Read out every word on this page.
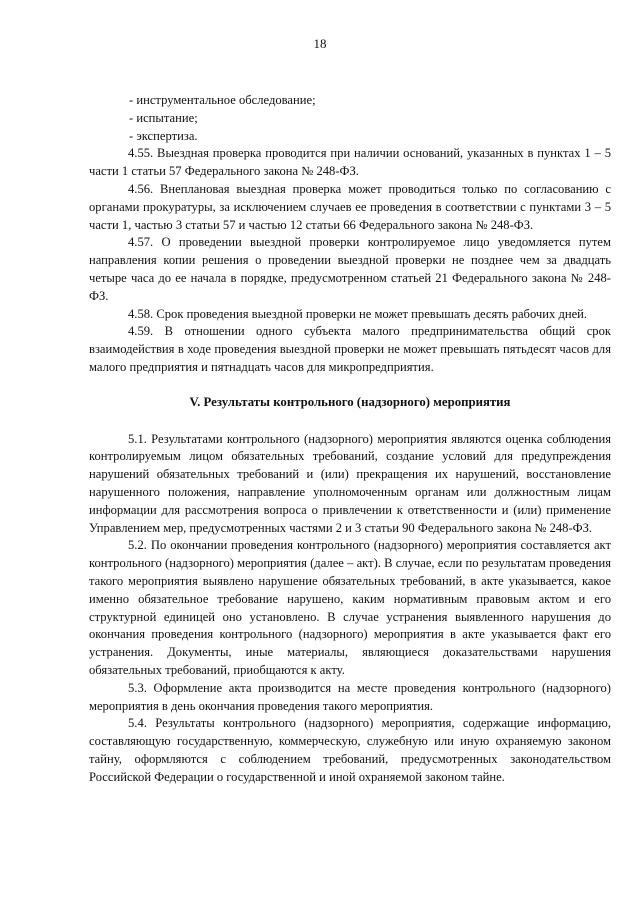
18

- инструментальное обследование;

- испытание;

- экспертиза.

4.55. Выездная проверка проводится при наличии оснований, указанных в пунктах 1 – 5 части 1 статьи 57 Федерального закона № 248-ФЗ.

4.56. Внеплановая выездная проверка может проводиться только по согласованию с органами прокуратуры, за исключением случаев ее проведения в соответствии с пунктами 3 – 5 части 1, частью 3 статьи 57 и частью 12 статьи 66 Федерального закона № 248-ФЗ.

4.57. О проведении выездной проверки контролируемое лицо уведомляется путем направления копии решения о проведении выездной проверки не позднее чем за двадцать четыре часа до ее начала в порядке, предусмотренном статьей 21 Федерального закона № 248-ФЗ.

4.58. Срок проведения выездной проверки не может превышать десять рабочих дней.

4.59. В отношении одного субъекта малого предпринимательства общий срок взаимодействия в ходе проведения выездной проверки не может превышать пятьдесят часов для малого предприятия и пятнадцать часов для микропредприятия.

V. Результаты контрольного (надзорного) мероприятия

5.1. Результатами контрольного (надзорного) мероприятия являются оценка соблюдения контролируемым лицом обязательных требований, создание условий для предупреждения нарушений обязательных требований и (или) прекращения их нарушений, восстановление нарушенного положения, направление уполномоченным органам или должностным лицам информации для рассмотрения вопроса о привлечении к ответственности и (или) применение Управлением мер, предусмотренных частями 2 и 3 статьи 90 Федерального закона № 248-ФЗ.

5.2. По окончании проведения контрольного (надзорного) мероприятия составляется акт контрольного (надзорного) мероприятия (далее – акт). В случае, если по результатам проведения такого мероприятия выявлено нарушение обязательных требований, в акте указывается, какое именно обязательное требование нарушено, каким нормативным правовым актом и его структурной единицей оно установлено. В случае устранения выявленного нарушения до окончания проведения контрольного (надзорного) мероприятия в акте указывается факт его устранения. Документы, иные материалы, являющиеся доказательствами нарушения обязательных требований, приобщаются к акту.

5.3. Оформление акта производится на месте проведения контрольного (надзорного) мероприятия в день окончания проведения такого мероприятия.

5.4. Результаты контрольного (надзорного) мероприятия, содержащие информацию, составляющую государственную, коммерческую, служебную или иную охраняемую законом тайну, оформляются с соблюдением требований, предусмотренных законодательством Российской Федерации о государственной и иной охраняемой законом тайне.
